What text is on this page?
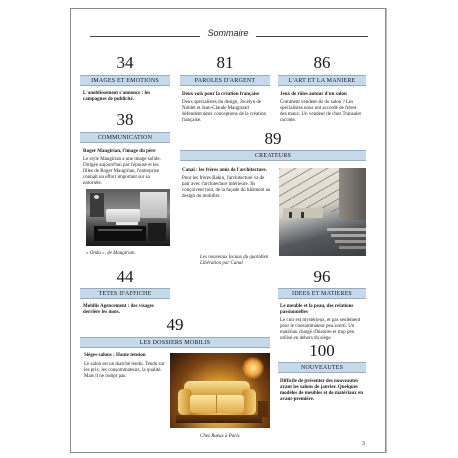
Sommaire
34
IMAGES ET EMOTIONS
L'anoblissement s'annonce : les campagnes de publicité.
81
PAROLES D'ARGENT
Deux voix pour la création française
Deux spécialistes du design, Jocelyn de Noblet et Jean-Claude Maugirard défendent deux conceptions de la création française.
86
L'ART ET LA MANIERE
Jeux de rôles autour d'un salon
Comment vendent-ils du salon ? Les spécialistes nous ont accordé de frères des maux. Un vendeur de chez Transalet raconte.
38
COMMUNICATION
Roger Maugirian, l'image du père
Le style Maugirian a une image solide. Dirigée aujourd'hui par l'épouse et les filles de Roger Maugirian, l'entreprise connaît un effort important sur sa notoriété.
« Onda », de Maugirian.
89
CREATEURS
Canal : les frères amis de l'architecture.
Pour les frères Bakin, l'architecture va de pair avec l'architecture intérieure. Ils conçoivent tout, de la façade du bâtiment au design du mobilier.
Les nouveaux locaux du quotidien Libération par Canal
44
TETES D'AFFICHE
Mobilis Agencement : des visages derrière les mots.
96
IDEES ET MATIERES
Le meuble et la peau, des relations passionnelles
Le cuir est mystérieux, et pas seulement pour le consommateur peu averti. Un matériau chargé d'histoire et trop peu utilisé en dehors du siège.
49
LES DOSSIERS MOBILIS
Sièges-salons : Haute tension
Le salon est un marché tendu. Tendu sur les prix, les consommateurs, la qualité. Mais il ne rompt pas.
Chez Rueux à Paris
100
NOUVEAUTES
Difficile de présenter des nouveautés avant les salons de janvier. Quelques modèles de meubles et de matériaux en avant-première.
3
